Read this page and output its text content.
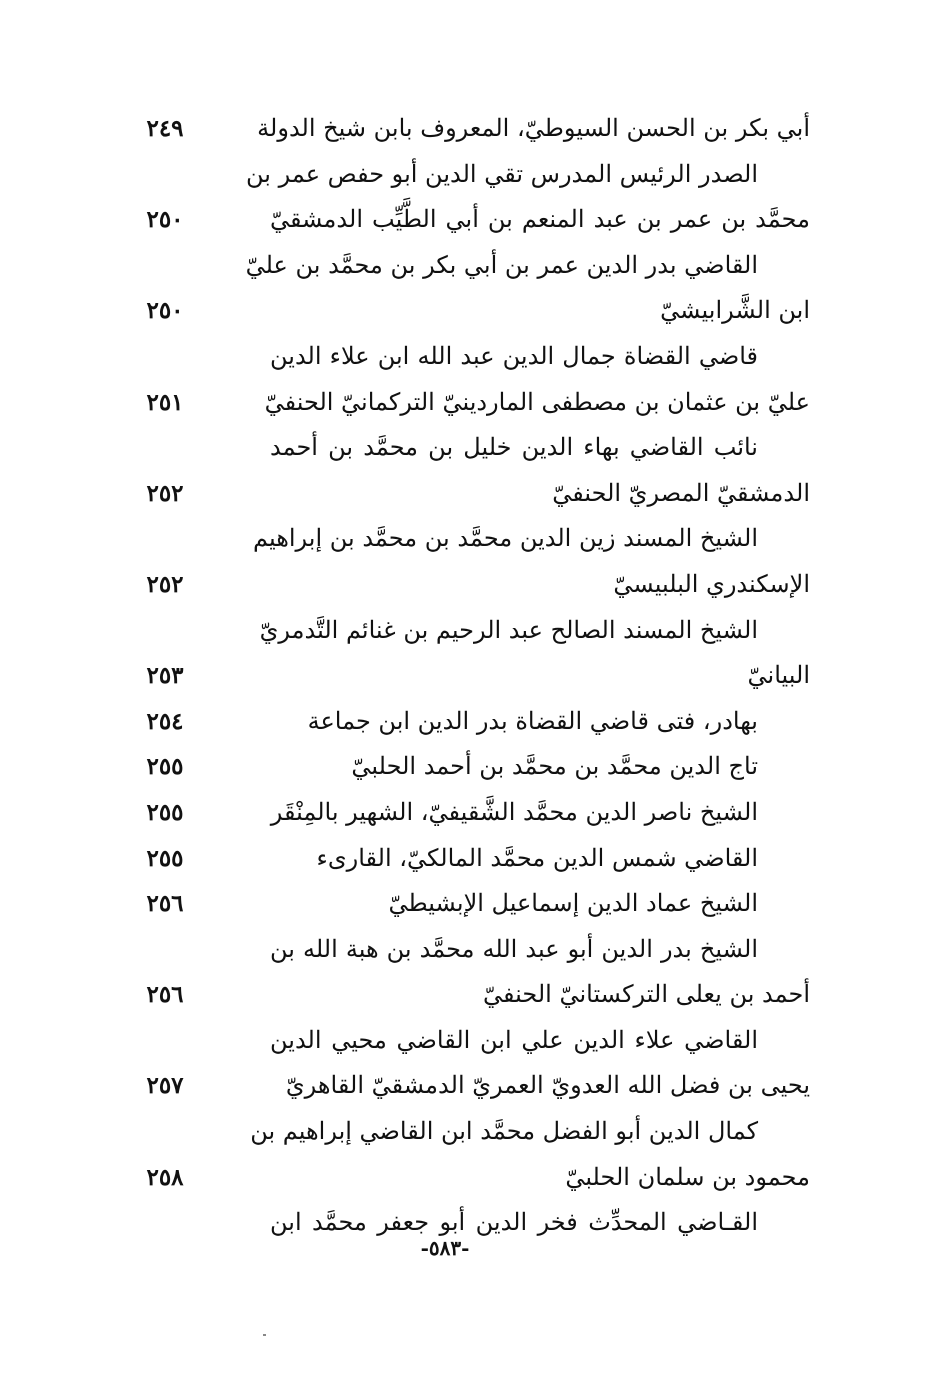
أبي بكر بن الحسن السيوطيّ، المعروف بابن شيخ الدولة
٢٤٩
الصدر الرئيس المدرس تقي الدين أبو حفص عمر بن
محمَّد بن عمر بن عبد المنعم بن أبي الطَّيِّب الدمشقيّ
٢٥٠
القاضي بدر الدين عمر بن أبي بكر بن محمَّد بن عليّ
ابن الشَّرابيشيّ
٢٥٠
قاضي القضاة جمال الدين عبد الله ابن علاء الدين
عليّ بن عثمان بن مصطفى الماردينيّ التركمانيّ الحنفيّ
٢٥١
نائب القاضي بهاء الدين خليل بن محمَّد بن أحمد
الدمشقيّ المصريّ الحنفيّ
٢٥٢
الشيخ المسند زين الدين محمَّد بن محمَّد بن إبراهيم
الإسكندري البلبيسيّ
٢٥٢
الشيخ المسند الصالح عبد الرحيم بن غنائم التَّدمريّ
البيانيّ
٢٥٣
بهادر، فتى قاضي القضاة بدر الدين ابن جماعة
٢٥٤
تاج الدين محمَّد بن محمَّد بن أحمد الحلبيّ
٢٥٥
الشيخ ناصر الدين محمَّد الشَّقيفيّ، الشهير بالمِنْقَر
٢٥٥
القاضي شمس الدين محمَّد المالكيّ، القارىء
٢٥٥
الشيخ عماد الدين إسماعيل الإبشيطيّ
٢٥٦
الشيخ بدر الدين أبو عبد الله محمَّد بن هبة الله بن
أحمد بن يعلى التركستانيّ الحنفيّ
٢٥٦
القاضي علاء الدين علي ابن القاضي محيي الدين
يحيى بن فضل الله العدويّ العمريّ الدمشقيّ القاهريّ
٢٥٧
كمال الدين أبو الفضل محمَّد ابن القاضي إبراهيم بن
محمود بن سلمان الحلبيّ
٢٥٨
القـاضي المحدِّث فخر الدين أبو جعفر محمَّد ابن
-٥٨٣-
